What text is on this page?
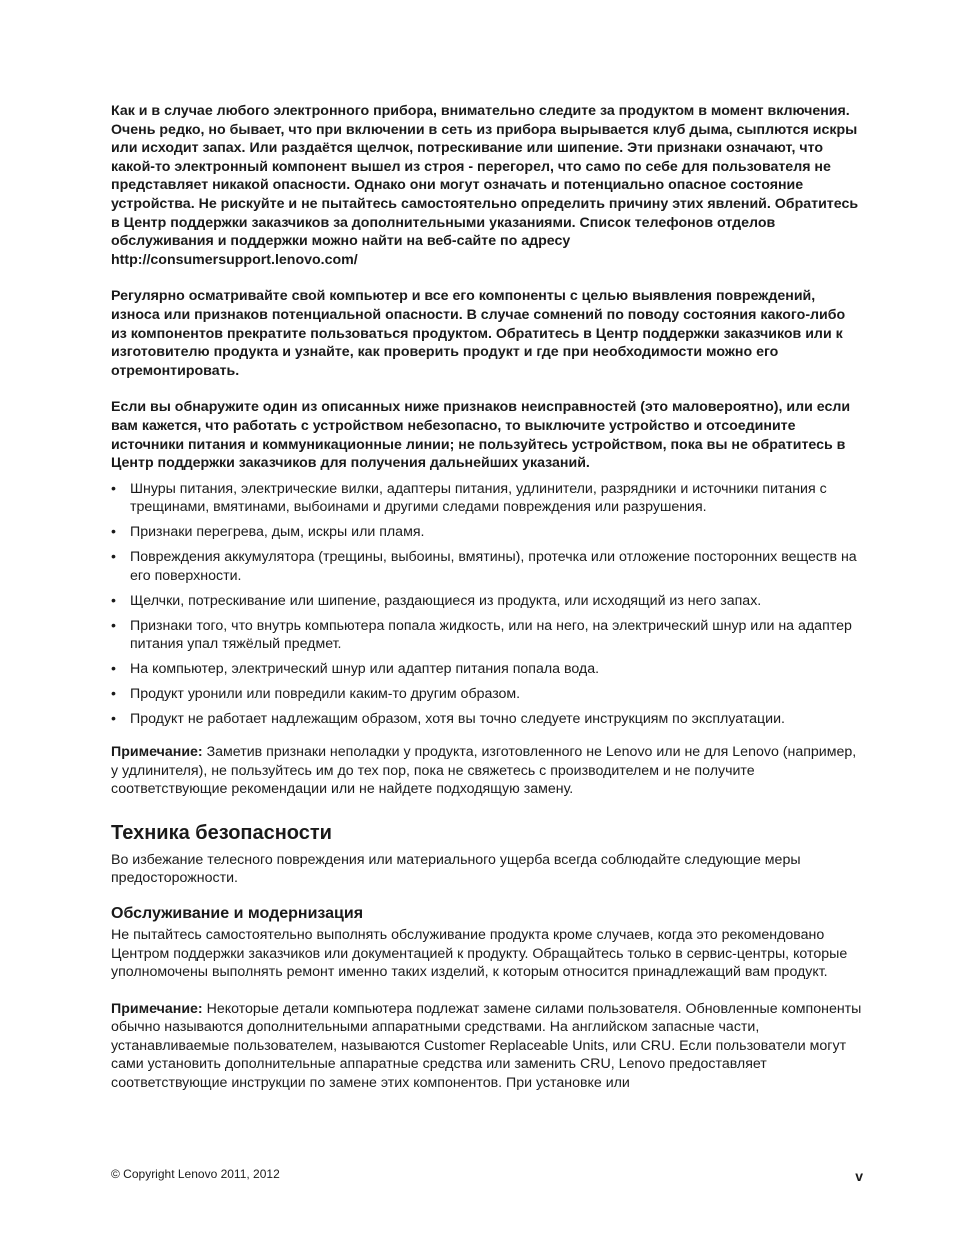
Как и в случае любого электронного прибора, внимательно следите за продуктом в момент включения. Очень редко, но бывает, что при включении в сеть из прибора вырывается клуб дыма, сыплются искры или исходит запах. Или раздаётся щелчок, потрескивание или шипение. Эти признаки означают, что какой-то электронный компонент вышел из строя - перегорел, что само по себе для пользователя не представляет никакой опасности. Однако они могут означать и потенциально опасное состояние устройства. Не рискуйте и не пытайтесь самостоятельно определить причину этих явлений. Обратитесь в Центр поддержки заказчиков за дополнительными указаниями. Список телефонов отделов обслуживания и поддержки можно найти на веб-сайте по адресу
http://consumersupport.lenovo.com/

Регулярно осматривайте свой компьютер и все его компоненты с целью выявления повреждений, износа или признаков потенциальной опасности. В случае сомнений по поводу состояния какого-либо из компонентов прекратите пользоваться продуктом. Обратитесь в Центр поддержки заказчиков или к изготовителю продукта и узнайте, как проверить продукт и где при необходимости можно его отремонтировать.

Если вы обнаружите один из описанных ниже признаков неисправностей (это маловероятно), или если вам кажется, что работать с устройством небезопасно, то выключите устройство и отсоедините источники питания и коммуникационные линии; не пользуйтесь устройством, пока вы не обратитесь в Центр поддержки заказчиков для получения дальнейших указаний.

• Шнуры питания, электрические вилки, адаптеры питания, удлинители, разрядники и источники питания с трещинами, вмятинами, выбоинами и другими следами повреждения или разрушения.
• Признаки перегрева, дым, искры или пламя.
• Повреждения аккумулятора (трещины, выбоины, вмятины), протечка или отложение посторонних веществ на его поверхности.
• Щелчки, потрескивание или шипение, раздающиеся из продукта, или исходящий из него запах.
• Признаки того, что внутрь компьютера попала жидкость, или на него, на электрический шнур или на адаптер питания упал тяжёлый предмет.
• На компьютер, электрический шнур или адаптер питания попала вода.
• Продукт уронили или повредили каким-то другим образом.
• Продукт не работает надлежащим образом, хотя вы точно следуете инструкциям по эксплуатации.

Примечание: Заметив признаки неполадки у продукта, изготовленного не Lenovo или не для Lenovo (например, у удлинителя), не пользуйтесь им до тех пор, пока не свяжетесь с производителем и не получите соответствующие рекомендации или не найдете подходящую замену.

Техника безопасности

Во избежание телесного повреждения или материального ущерба всегда соблюдайте следующие меры предосторожности.

Обслуживание и модернизация

Не пытайтесь самостоятельно выполнять обслуживание продукта кроме случаев, когда это рекомендовано Центром поддержки заказчиков или документацией к продукту. Обращайтесь только в сервис-центры, которые уполномочены выполнять ремонт именно таких изделий, к которым относится принадлежащий вам продукт.

Примечание: Некоторые детали компьютера подлежат замене силами пользователя. Обновленные компоненты обычно называются дополнительными аппаратными средствами. На английском запасные части, устанавливаемые пользователем, называются Customer Replaceable Units, или CRU. Если пользователи могут сами установить дополнительные аппаратные средства или заменить CRU, Lenovo предоставляет соответствующие инструкции по замене этих компонентов. При установке или

© Copyright Lenovo 2011, 2012	v
